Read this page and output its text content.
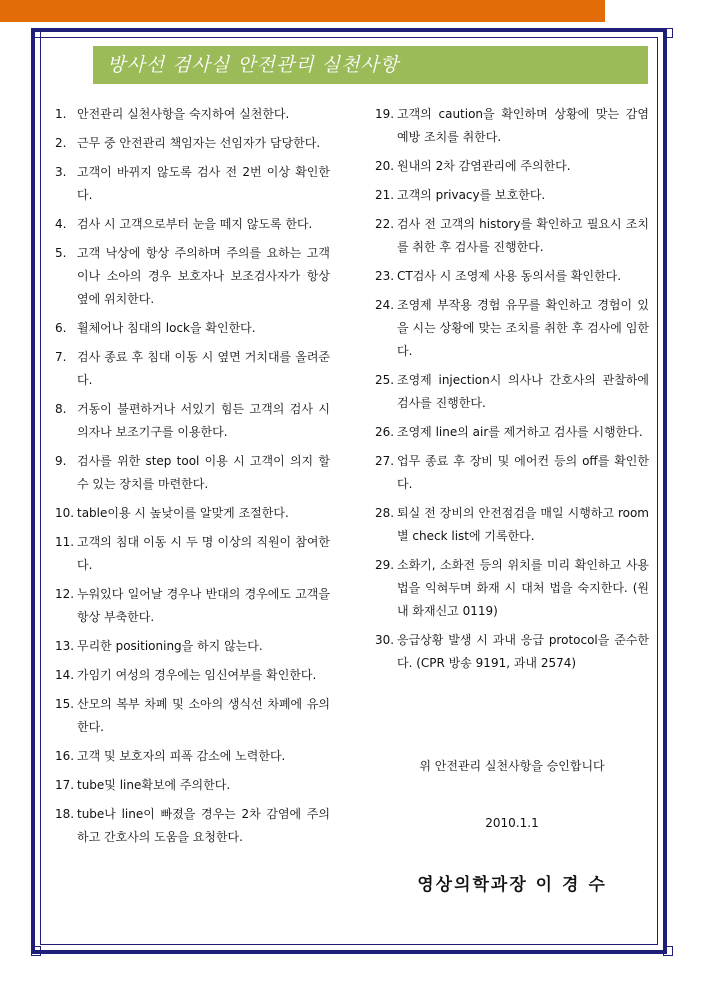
방사선 검사실 안전관리 실천사항
1. 안전관리 실천사항을 숙지하여 실천한다.
2. 근무 중 안전관리 책임자는 선임자가 담당한다.
3. 고객이 바뀌지 않도록 검사 전 2번 이상 확인한다.
4. 검사 시 고객으로부터 눈을 떼지 않도록 한다.
5. 고객 낙상에 항상 주의하며 주의를 요하는 고객이나 소아의 경우 보호자나 보조검사자가 항상 옆에 위치한다.
6. 휠체어나 침대의 lock을 확인한다.
7. 검사 종료 후 침대 이동 시 옆면 거치대를 올려준다.
8. 거동이 불편하거나 서있기 힘든 고객의 검사 시 의자나 보조기구를 이용한다.
9. 검사를 위한 step tool 이용 시 고객이 의지 할 수 있는 장치를 마련한다.
10. table이용 시 높낮이를 알맞게 조절한다.
11. 고객의 침대 이동 시 두 명 이상의 직원이 참여한다.
12. 누워있다 일어날 경우나 반대의 경우에도 고객을 항상 부축한다.
13. 무리한 positioning을 하지 않는다.
14. 가임기 여성의 경우에는 임신여부를 확인한다.
15. 산모의 복부 차폐 및 소아의 생식선 차폐에 유의한다.
16. 고객 및 보호자의 피폭 감소에 노력한다.
17. tube및 line확보에 주의한다.
18. tube나 line이 빠졌을 경우는 2차 감염에 주의하고 간호사의 도움을 요청한다.
19. 고객의 caution을 확인하며 상황에 맞는 감염 예방 조치를 취한다.
20. 원내의 2차 감염관리에 주의한다.
21. 고객의 privacy를 보호한다.
22. 검사 전 고객의 history를 확인하고 필요시 조치를 취한 후 검사를 진행한다.
23. CT검사 시 조영제 사용 동의서를 확인한다.
24. 조영제 부작용 경험 유무를 확인하고 경험이 있을 시는 상황에 맞는 조치를 취한 후 검사에 임한다.
25. 조영제 injection시 의사나 간호사의 관찰하에 검사를 진행한다.
26. 조영제 line의 air를 제거하고 검사를 시행한다.
27. 업무 종료 후 장비 및 에어컨 등의 off를 확인한다.
28. 퇴실 전 장비의 안전점검을 매일 시행하고 room별 check list에 기록한다.
29. 소화기, 소화전 등의 위치를 미리 확인하고 사용법을 익혀두며 화재 시 대처 법을 숙지한다. (원내 화재신고 0119)
30. 응급상황 발생 시 과내 응급 protocol을 준수한다. (CPR 방송 9191, 과내 2574)
위 안전관리 실천사항을 승인합니다
2010.1.1
영상의학과장 이 경 수
